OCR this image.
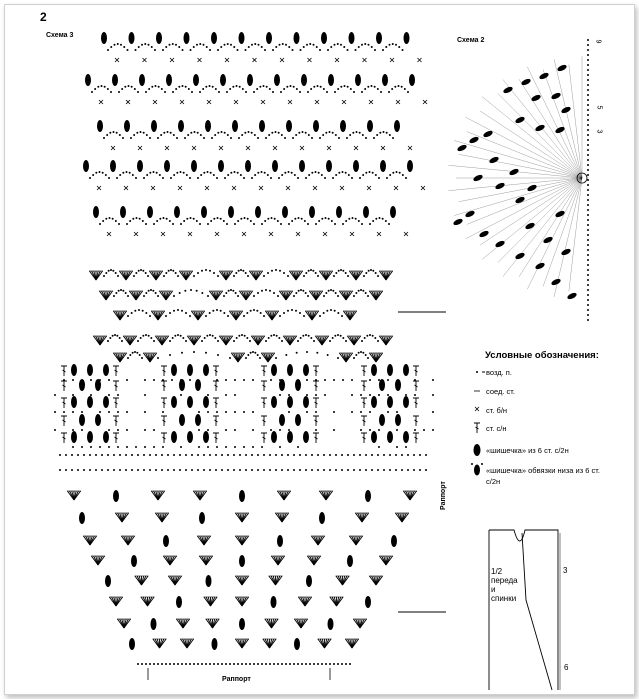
2
Схема 3
Схема 2
Условные обозначения:
возд. п.
соед. ст.
ст. б/н
ст. с/н
«шишечка» из 6 ст. с/2н
«шишечка» обвязки низа из 6 ст. с/2н
Раппорт
Раппорт
1/2
переда
и
спинки
3
6
9
5
3
